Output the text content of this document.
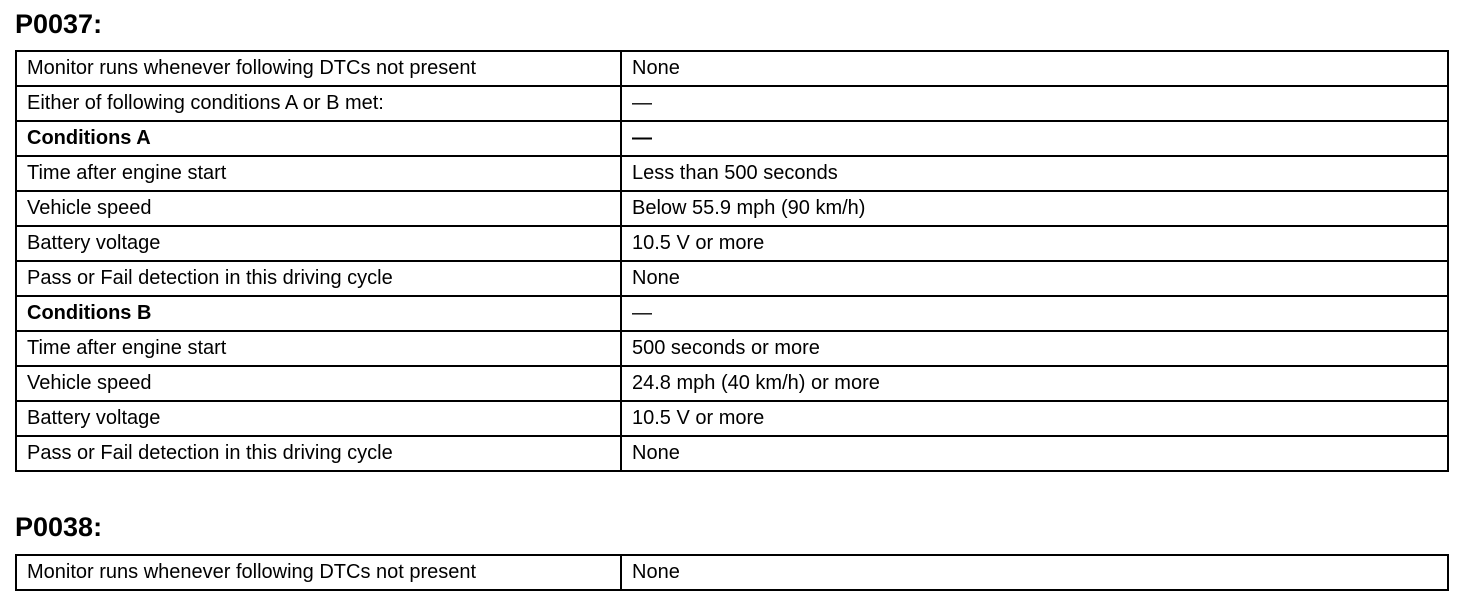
P0037:
Monitor runs whenever following DTCs not present	None
Either of following conditions A or B met:	—
Conditions A	—
Time after engine start	Less than 500 seconds
Vehicle speed	Below 55.9 mph (90 km/h)
Battery voltage	10.5 V or more
Pass or Fail detection in this driving cycle	None
Conditions B	—
Time after engine start	500 seconds or more
Vehicle speed	24.8 mph (40 km/h) or more
Battery voltage	10.5 V or more
Pass or Fail detection in this driving cycle	None
P0038:
Monitor runs whenever following DTCs not present	None
